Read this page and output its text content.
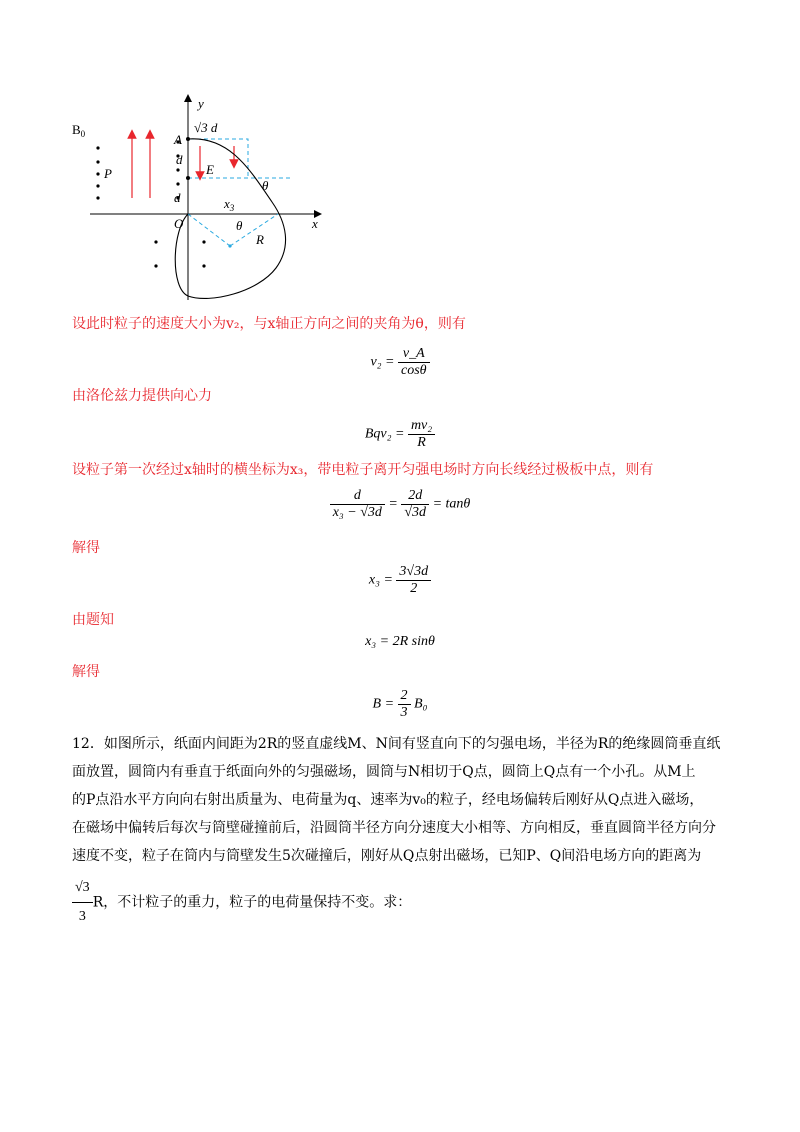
y
x
$B_0$	√3 d
A
d
E
P
d
O
$x_3$
θ
θ
R
设此时粒子的速度大小为v₂，与x轴正方向之间的夹角为θ，则有
$v_2 = \frac{v\_A}{\cos\theta}$
由洛伦兹力提供向心力
$Bqv_2 = \frac{\text{mv₂}}{R}$
设粒子第一次经过x轴时的横坐标为x₃，带电粒子离开匀强电场时方向长线经过极板中点，则有
$\frac{d}{\text{x₃ − √3d}} = \frac{2d}{√3d} = \tan\theta$
解得
$x_3 = \frac{3√3d}{2}$
由题知
x₃ = 2R sinθ
解得
$B = \frac{2}{3} B_0$
12．如图所示，纸面内间距为2R的竖直虚线M、N间有竖直向下的匀强电场，半径为R的绝缘圆筒垂直纸
面放置，圆筒内有垂直于纸面向外的匀强磁场，圆筒与N相切于Q点，圆筒上Q点有一个小孔。从M上
的P点沿水平方向向右射出质量为、电荷量为q、速率为v₀的粒子，经电场偏转后刚好从Q点进入磁场，
在磁场中偏转后每次与筒壁碰撞前后，沿圆筒半径方向分速度大小相等、方向相反，垂直圆筒半径方向分
速度不变，粒子在筒内与筒壁发生5次碰撞后，刚好从Q点射出磁场，已知P、Q间沿电场方向的距离为
$\frac{√3}{3}$ R，不计粒子的重力，粒子的电荷量保持不变。求：
